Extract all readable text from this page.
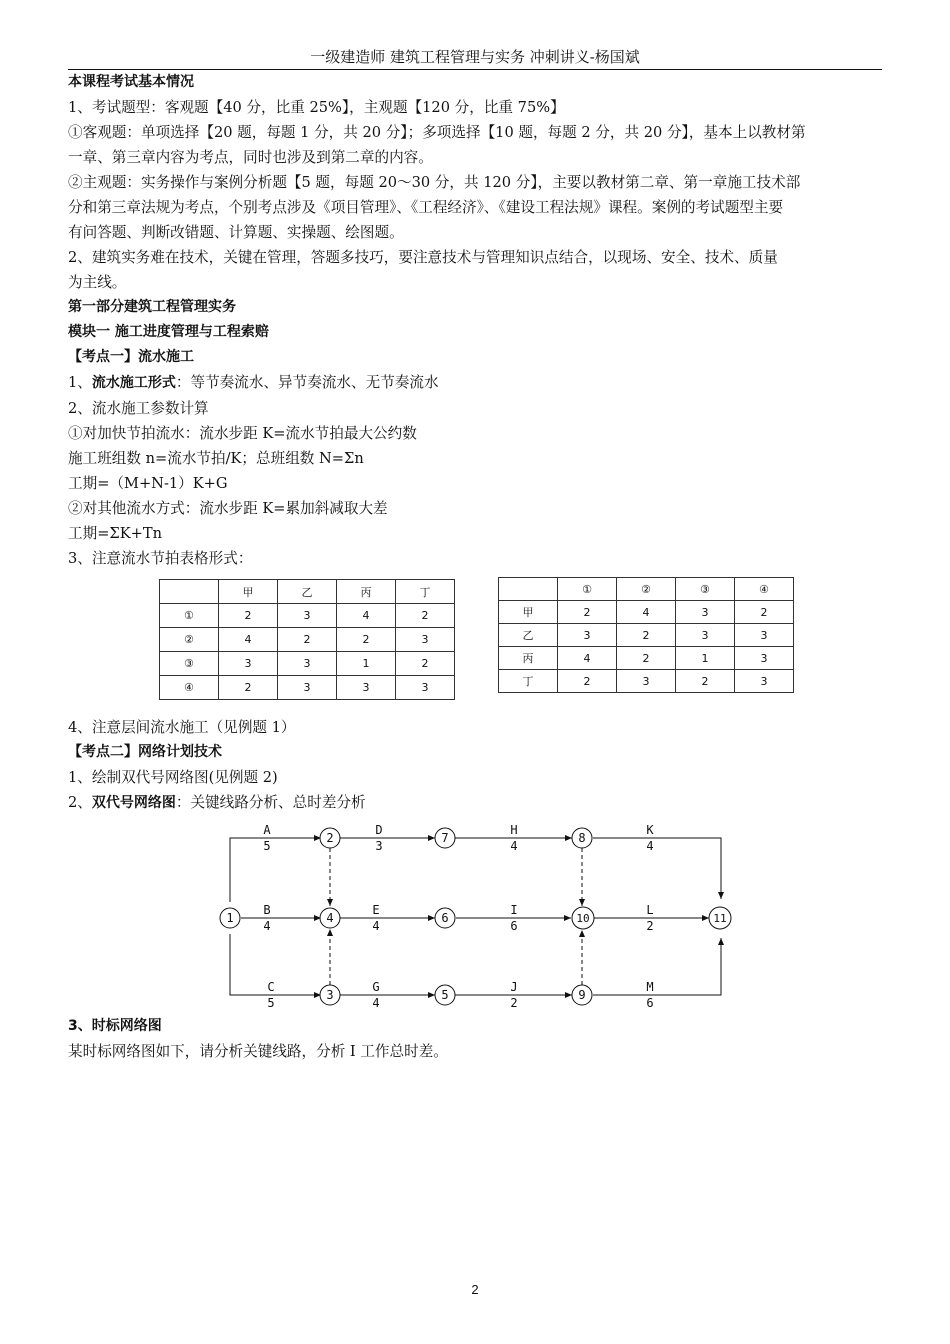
一级建造师 建筑工程管理与实务 冲刺讲义-杨国斌

本课程考试基本情况

1、考试题型：客观题【40 分，比重 25%】，主观题【120 分，比重 75%】

①客观题：单项选择【20 题，每题 1 分，共 20 分】；多项选择【10 题，每题 2 分，共 20 分】，基本上以教材第

一章、第三章内容为考点，同时也涉及到第二章的内容。

②主观题：实务操作与案例分析题【5 题，每题 20～30 分，共 120 分】，主要以教材第二章、第一章施工技术部

分和第三章法规为考点，个别考点涉及《项目管理》、《工程经济》、《建设工程法规》课程。案例的考试题型主要

有问答题、判断改错题、计算题、实操题、绘图题。

2、建筑实务难在技术，关键在管理，答题多技巧，要注意技术与管理知识点结合，以现场、安全、技术、质量

为主线。

第一部分建筑工程管理实务

模块一 施工进度管理与工程索赔

【考点一】流水施工

1、流水施工形式：等节奏流水、异节奏流水、无节奏流水

2、流水施工参数计算

①对加快节拍流水：流水步距 K=流水节拍最大公约数

施工班组数 n=流水节拍/K；总班组数 N=Σn

工期=（M+N-1）K+G

②对其他流水方式：流水步距 K=累加斜减取大差

工期=ΣK+Tn

3、注意流水节拍表格形式：

	甲	乙	丙	丁
①	2	3	4	2
②	4	2	2	3
③	3	3	1	2
④	2	3	3	3
	①	②	③	④
甲	2	4	3	2
乙	3	2	3	3
丙	4	2	1	3
丁	2	3	2	3

4、注意层间流水施工（见例题 1）

【考点二】网络计划技术

1、绘制双代号网络图(见例题 2)

2、双代号网络图：关键线路分析、总时差分析

1
2
3
4
5
6
7	8
9
10	11
A
5
B
4
C
5
D
3
E
4
G
4
H
4
I
6
J
2
K
4
L
2
M
6

3、时标网络图

某时标网络图如下，请分析关键线路，分析 I 工作总时差。

2
